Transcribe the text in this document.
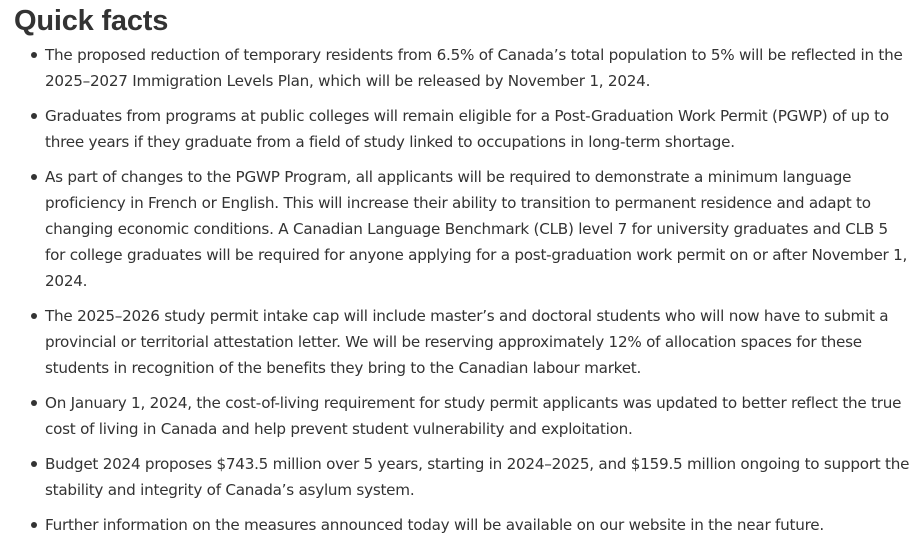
Quick facts
The proposed reduction of temporary residents from 6.5% of Canada’s total population to 5% will be reflected in the 2025–2027 Immigration Levels Plan, which will be released by November 1, 2024.
Graduates from programs at public colleges will remain eligible for a Post-Graduation Work Permit (PGWP) of up to three years if they graduate from a field of study linked to occupations in long-term shortage.
As part of changes to the PGWP Program, all applicants will be required to demonstrate a minimum language proficiency in French or English. This will increase their ability to transition to permanent residence and adapt to changing economic conditions. A Canadian Language Benchmark (CLB) level 7 for university graduates and CLB 5 for college graduates will be required for anyone applying for a post-graduation work permit on or after November 1, 2024.
The 2025–2026 study permit intake cap will include master’s and doctoral students who will now have to submit a provincial or territorial attestation letter. We will be reserving approximately 12% of allocation spaces for these students in recognition of the benefits they bring to the Canadian labour market.
On January 1, 2024, the cost-of-living requirement for study permit applicants was updated to better reflect the true cost of living in Canada and help prevent student vulnerability and exploitation.
Budget 2024 proposes $743.5 million over 5 years, starting in 2024–2025, and $159.5 million ongoing to support the stability and integrity of Canada’s asylum system.
Further information on the measures announced today will be available on our website in the near future.
